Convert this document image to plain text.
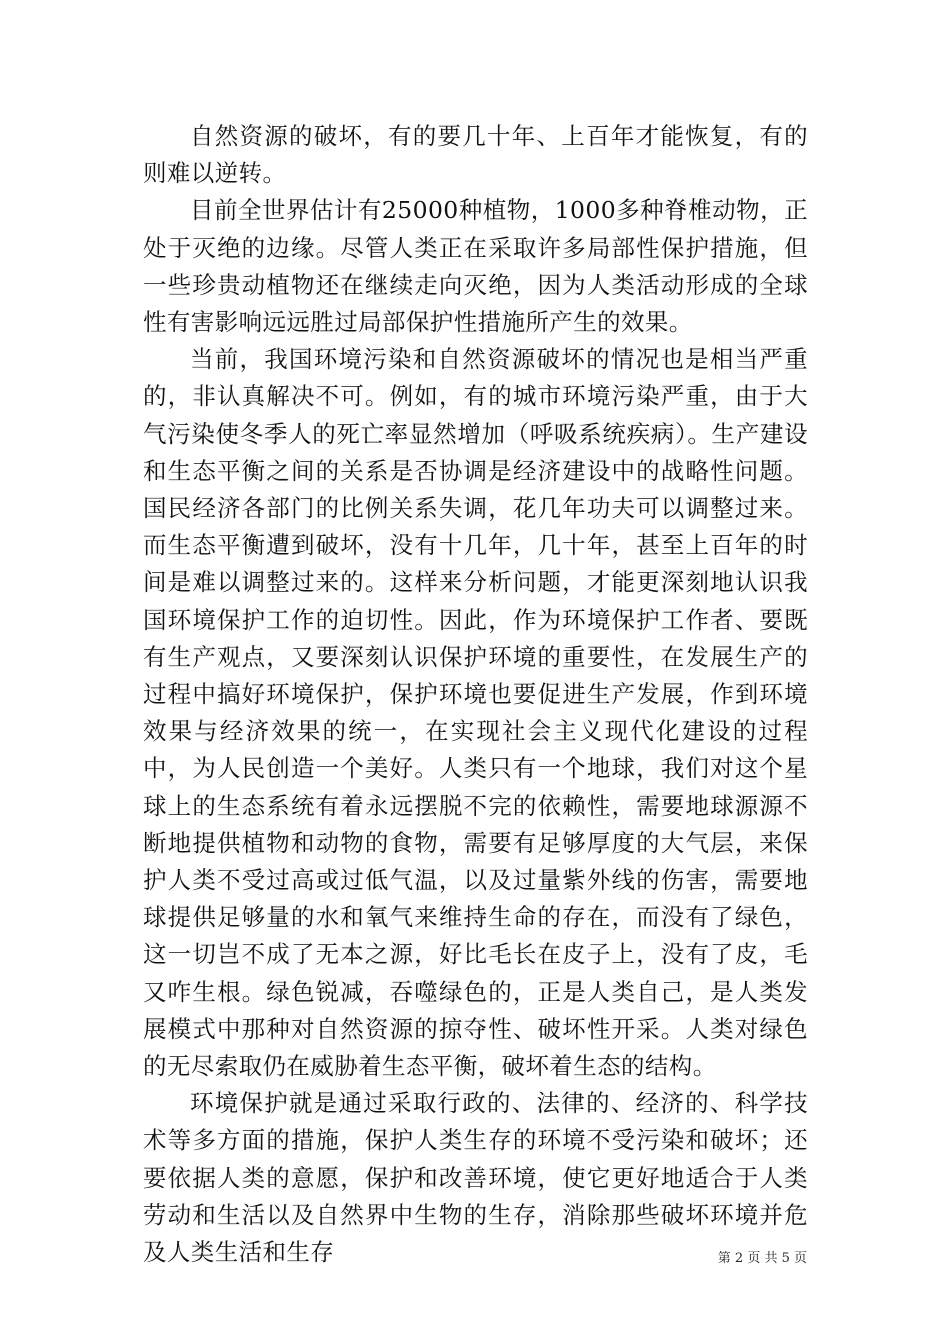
自然资源的破坏，有的要几十年、上百年才能恢复，有的则难以逆转。

目前全世界估计有25000种植物，1000多种脊椎动物，正处于灭绝的边缘。尽管人类正在采取许多局部性保护措施，但一些珍贵动植物还在继续走向灭绝，因为人类活动形成的全球性有害影响远远胜过局部保护性措施所产生的效果。

当前，我国环境污染和自然资源破坏的情况也是相当严重的，非认真解决不可。例如，有的城市环境污染严重，由于大气污染使冬季人的死亡率显然增加（呼吸系统疾病）。生产建设和生态平衡之间的关系是否协调是经济建设中的战略性问题。国民经济各部门的比例关系失调，花几年功夫可以调整过来。而生态平衡遭到破坏，没有十几年，几十年，甚至上百年的时间是难以调整过来的。这样来分析问题，才能更深刻地认识我国环境保护工作的迫切性。因此，作为环境保护工作者、要既有生产观点，又要深刻认识保护环境的重要性，在发展生产的过程中搞好环境保护，保护环境也要促进生产发展，作到环境效果与经济效果的统一，在实现社会主义现代化建设的过程中，为人民创造一个美好。人类只有一个地球，我们对这个星球上的生态系统有着永远摆脱不完的依赖性，需要地球源源不断地提供植物和动物的食物，需要有足够厚度的大气层，来保护人类不受过高或过低气温，以及过量紫外线的伤害，需要地球提供足够量的水和氧气来维持生命的存在，而没有了绿色，这一切岂不成了无本之源，好比毛长在皮子上，没有了皮，毛又咋生根。绿色锐减，吞噬绿色的，正是人类自己，是人类发展模式中那种对自然资源的掠夺性、破坏性开采。人类对绿色的无尽索取仍在威胁着生态平衡，破坏着生态的结构。

环境保护就是通过采取行政的、法律的、经济的、科学技术等多方面的措施，保护人类生存的环境不受污染和破坏；还要依据人类的意愿，保护和改善环境，使它更好地适合于人类劳动和生活以及自然界中生物的生存，消除那些破坏环境并危及人类生活和生存	第 2 页 共 5 页
